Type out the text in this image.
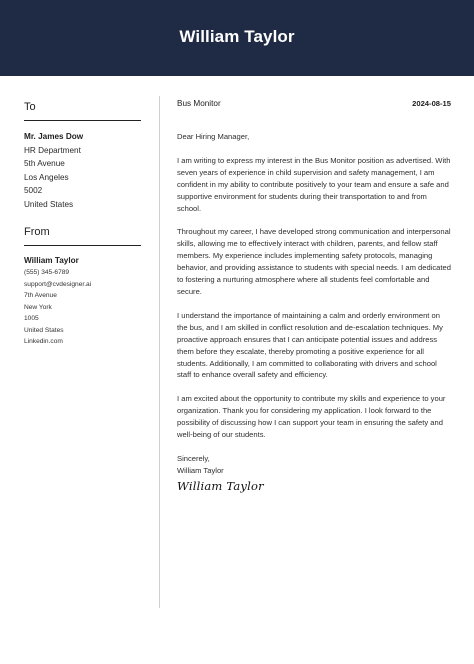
William Taylor
To
Mr. James Dow
HR Department
5th Avenue
Los Angeles
5002
United States
From
William Taylor
(555) 345-6789
support@cvdesigner.ai
7th Avenue
New York
1005
United States
Linkedin.com
Bus Monitor	2024-08-15

Dear Hiring Manager,

I am writing to express my interest in the Bus Monitor position as advertised. With seven years of experience in child supervision and safety management, I am confident in my ability to contribute positively to your team and ensure a safe and supportive environment for students during their transportation to and from school.

Throughout my career, I have developed strong communication and interpersonal skills, allowing me to effectively interact with children, parents, and fellow staff members. My experience includes implementing safety protocols, managing behavior, and providing assistance to students with special needs. I am dedicated to fostering a nurturing atmosphere where all students feel comfortable and secure.

I understand the importance of maintaining a calm and orderly environment on the bus, and I am skilled in conflict resolution and de-escalation techniques. My proactive approach ensures that I can anticipate potential issues and address them before they escalate, thereby promoting a positive experience for all students. Additionally, I am committed to collaborating with drivers and school staff to enhance overall safety and efficiency.

I am excited about the opportunity to contribute my skills and experience to your organization. Thank you for considering my application. I look forward to the possibility of discussing how I can support your team in ensuring the safety and well-being of our students.

Sincerely,
William Taylor
William Taylor
